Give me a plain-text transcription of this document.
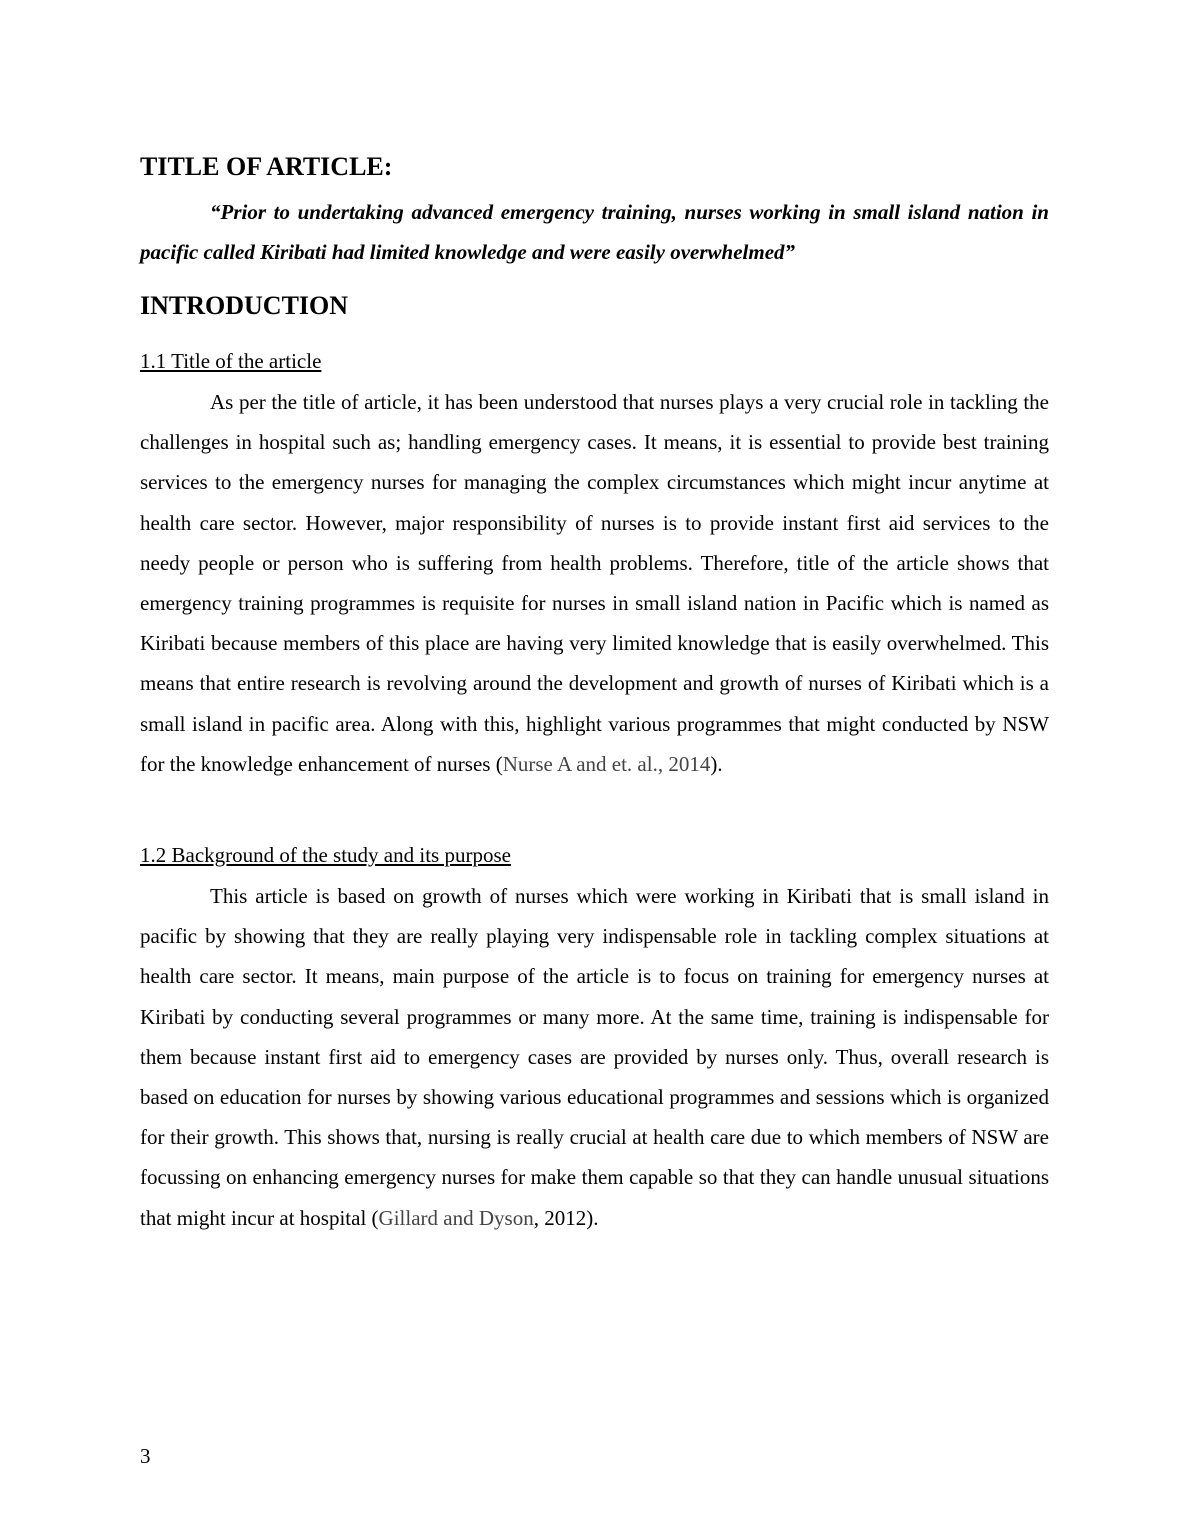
TITLE OF ARTICLE:

“Prior to undertaking advanced emergency training, nurses working in small island nation in pacific called Kiribati had limited knowledge and were easily overwhelmed”

INTRODUCTION

1.1 Title of the article

As per the title of article, it has been understood that nurses plays a very crucial role in tackling the challenges in hospital such as; handling emergency cases. It means, it is essential to provide best training services to the emergency nurses for managing the complex circumstances which might incur anytime at health care sector. However, major responsibility of nurses is to provide instant first aid services to the needy people or person who is suffering from health problems. Therefore, title of the article shows that emergency training programmes is requisite for nurses in small island nation in Pacific which is named as Kiribati because members of this place are having very limited knowledge that is easily overwhelmed. This means that entire research is revolving around the development and growth of nurses of Kiribati which is a small island in pacific area. Along with this, highlight various programmes that might conducted by NSW for the knowledge enhancement of nurses (Nurse A and et. al., 2014).

1.2 Background of the study and its purpose

This article is based on growth of nurses which were working in Kiribati that is small island in pacific by showing that they are really playing very indispensable role in tackling complex situations at health care sector. It means, main purpose of the article is to focus on training for emergency nurses at Kiribati by conducting several programmes or many more. At the same time, training is indispensable for them because instant first aid to emergency cases are provided by nurses only. Thus, overall research is based on education for nurses by showing various educational programmes and sessions which is organized for their growth. This shows that, nursing is really crucial at health care due to which members of NSW are focussing on enhancing emergency nurses for make them capable so that they can handle unusual situations that might incur at hospital (Gillard and Dyson, 2012).

3
